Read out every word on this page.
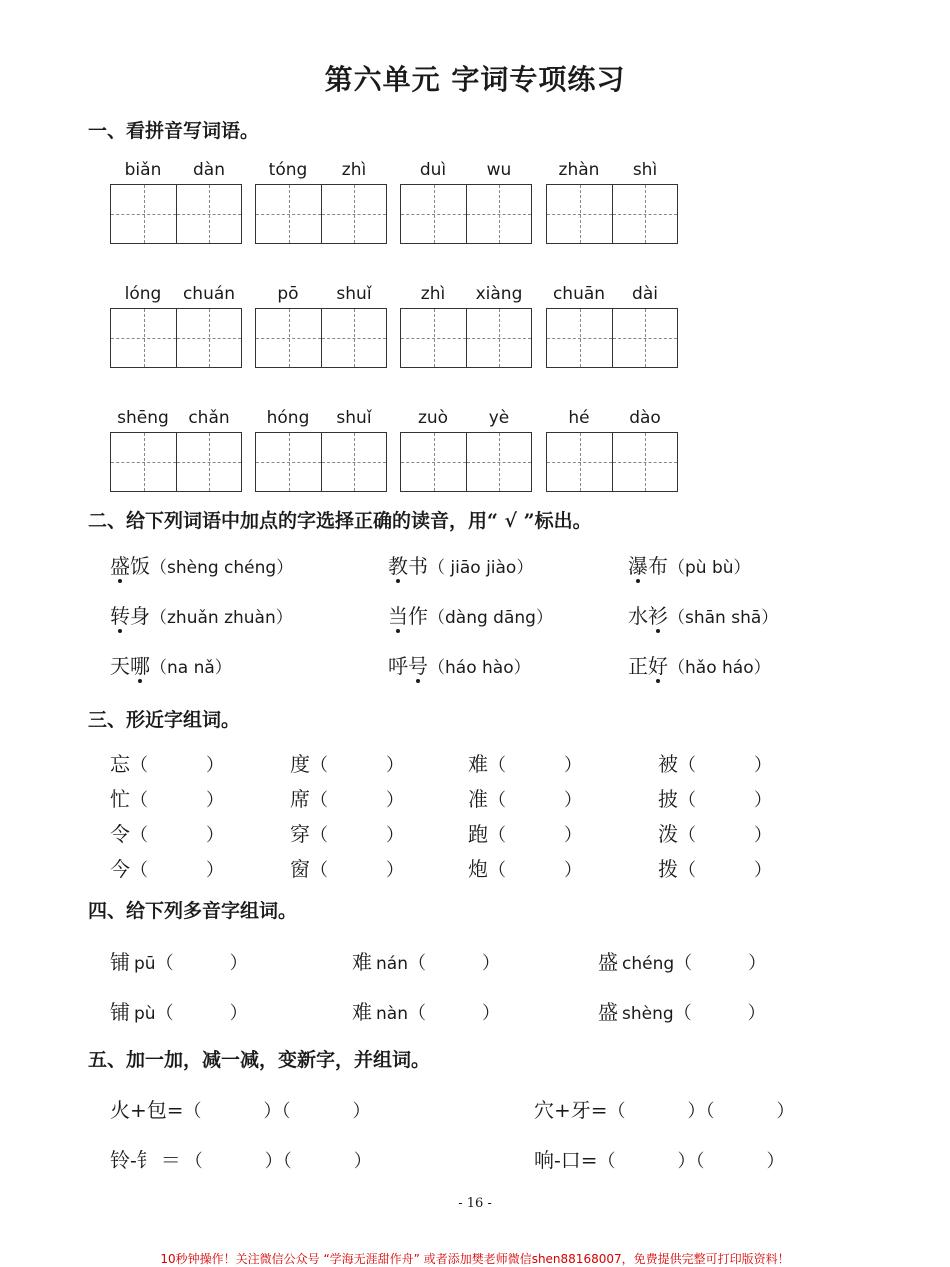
第六单元 字词专项练习
一、看拼音写词语。
biǎn	dàn	tóng	zhì	duì	wu	zhàn	shì
lóng	chuán	pō	shuǐ	zhì	xiàng	chuān	dài
shēng	chǎn	hóng	shuǐ	zuò	yè	hé	dào
二、给下列词语中加点的字选择正确的读音，用“ √ ”标出。
盛饭（shèng chéng）	教书（ jiāo jiào）	瀑布（pù bù）
转身（zhuǎn zhuàn）	当作（dàng dāng）	水衫（shān shā）
天哪（na nǎ）	呼号（háo hào）	正好（hǎo háo）
三、形近字组词。
忘（	）	度（	）	难（	）	被（	）
忙（	）	席（	）	准（	）	披（	）
令（	）	穿（	）	跑（	）	泼（	）
今（	）	窗（	）	炮（	）	拨（	）
四、给下列多音字组词。
铺 pū（	）	难 nán（	）	盛 chéng（	）
铺 pù（	）	难 nàn（	）	盛 shèng（	）
五、加一加，减一减，变新字，并组词。
火+包=（	）（	）	穴+牙=（	）（	）
铃-钅 ＝ （	）（	）	响-口=（	）（	）
- 16 -
10秒钟操作！关注微信公众号 “学海无涯甜作舟” 或者添加樊老师微信shen88168007，免费提供完整可打印版资料！
